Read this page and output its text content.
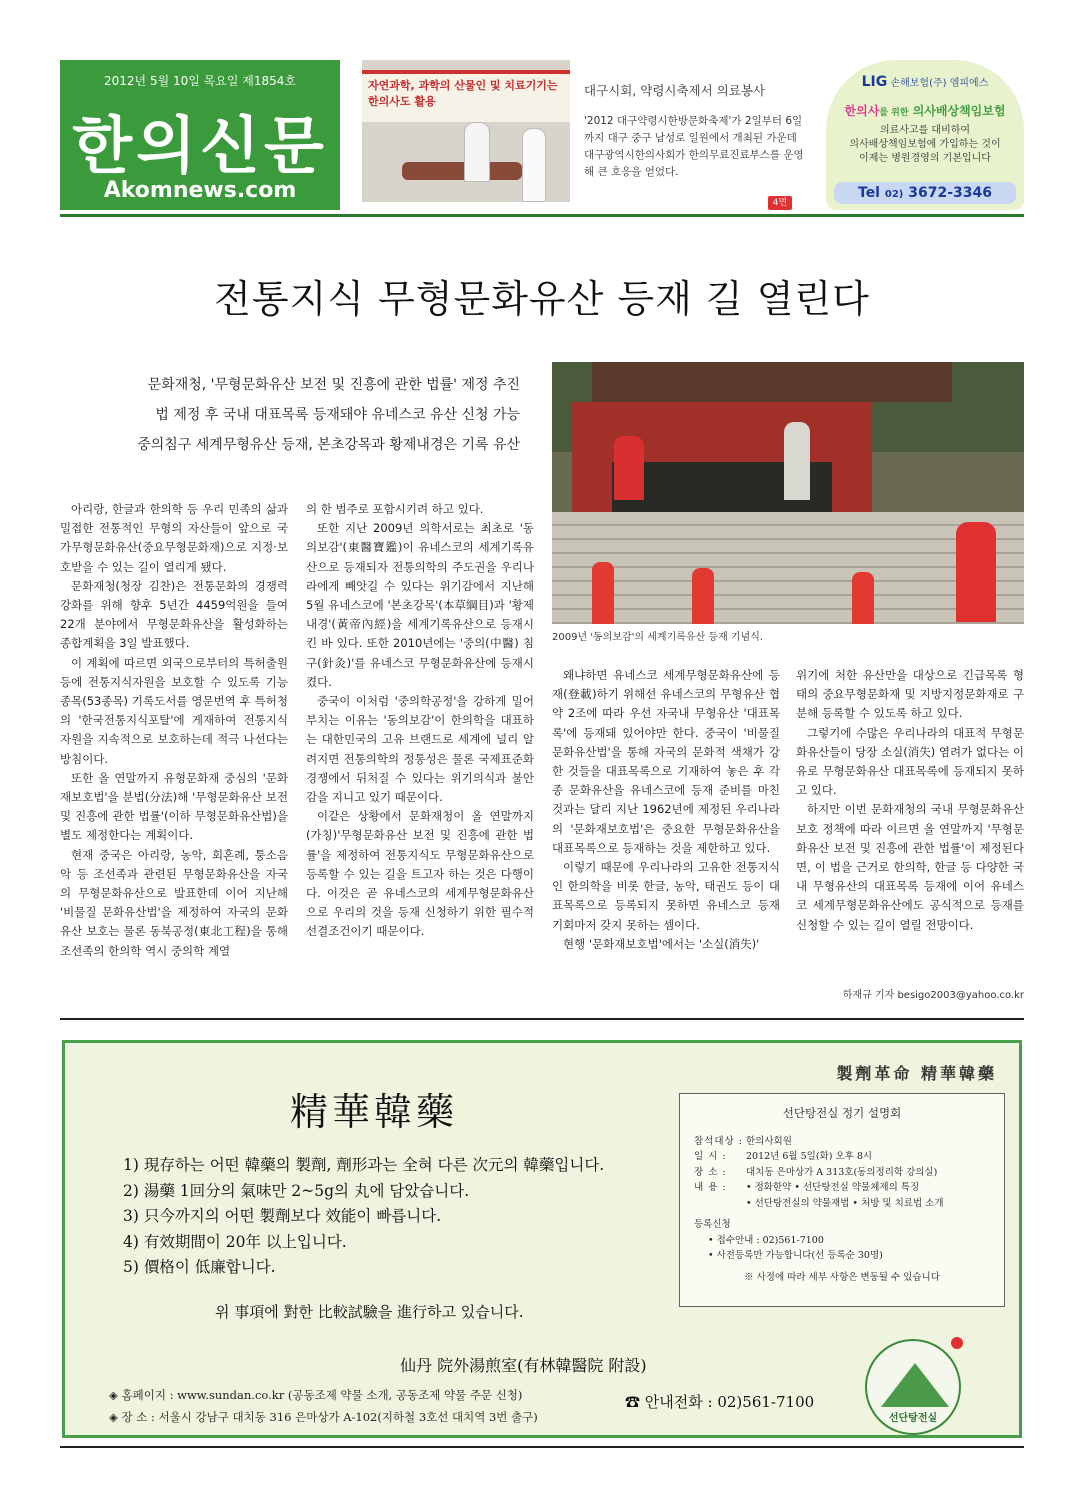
2012년 5월 10일 목요일 제1854호
한의신문
Akomnews.com
자연과학, 과학의 산물인 및 치료기기는 한의사도 활용
대구시회, 약령시축제서 의료봉사
'2012 대구약령시한방문화축제'가 2일부터 6일까지 대구 중구 남성로 일원에서 개최된 가운데 대구광역시한의사회가 한의무료진료부스를 운영해 큰 호응을 얻었다.
4면
LIG 손해보험(주) 엠피에스
한의사를 위한 의사배상책임보험
의료사고를 대비하여
의사배상책임보험에 가입하는 것이
이제는 병원경영의 기본입니다
Tel 02) 3672-3346
전통지식 무형문화유산 등재 길 열린다
문화재청, '무형문화유산 보전 및 진흥에 관한 법률' 제정 추진
법 제정 후 국내 대표목록 등재돼야 유네스코 유산 신청 가능
중의침구 세계무형유산 등재, 본초강목과 황제내경은 기록 유산
2009년 '동의보감'의 세계기록유산 등재 기념식.

아리랑, 한글과 한의학 등 우리 민족의 삶과 밀접한 전통적인 무형의 자산들이 앞으로 국가무형문화유산(중요무형문화재)으로 지정·보호받을 수 있는 길이 열리게 됐다.

문화재청(청장 김찬)은 전통문화의 경쟁력 강화를 위해 향후 5년간 4459억원을 들여 22개 분야에서 무형문화유산을 활성화하는 종합계획을 3일 발표했다.

이 계획에 따르면 외국으로부터의 특허출원 등에 전통지식자원을 보호할 수 있도록 기능종목(53종목) 기록도서를 영문번역 후 특허청의 '한국전통지식포탈'에 게재하여 전통지식자원을 지속적으로 보호하는데 적극 나선다는 방침이다.

또한 올 연말까지 유형문화재 중심의 '문화재보호법'을 분법(分法)해 '무형문화유산 보전 및 진흥에 관한 법률'(이하 무형문화유산법)을 별도 제정한다는 계획이다.

현재 중국은 아리랑, 농악, 회혼례, 퉁소음악 등 조선족과 관련된 무형문화유산을 자국의 무형문화유산으로 발표한데 이어 지난해 '비물질 문화유산법'을 제정하여 자국의 문화유산 보호는 물론 동북공정(東北工程)을 통해 조선족의 한의학 역시 중의학 계열

의 한 범주로 포함시키려 하고 있다.

또한 지난 2009년 의학서로는 최초로 '동의보감'(東醫寶鑑)이 유네스코의 세계기록유산으로 등재되자 전통의학의 주도권을 우리나라에게 빼앗길 수 있다는 위기감에서 지난해 5월 유네스코에 '본초강목'(本草綱目)과 '황제내경'(黃帝內經)을 세계기록유산으로 등재시킨 바 있다. 또한 2010년에는 '중의(中醫) 침구(針灸)'를 유네스코 무형문화유산에 등재시켰다.

중국이 이처럼 '중의학공정'을 강하게 밀어 부치는 이유는 '동의보감'이 한의학을 대표하는 대한민국의 고유 브랜드로 세계에 널리 알려지면 전통의학의 정통성은 물론 국제표준화 경쟁에서 뒤처질 수 있다는 위기의식과 불안감을 지니고 있기 때문이다.

이같은 상황에서 문화재청이 올 연말까지 (가칭)'무형문화유산 보전 및 진흥에 관한 법률'을 제정하여 전통지식도 무형문화유산으로 등록할 수 있는 길을 트고자 하는 것은 다행이다. 이것은 곧 유네스코의 세계무형문화유산으로 우리의 것을 등재 신청하기 위한 필수적 선결조건이기 때문이다.

왜냐하면 유네스코 세계무형문화유산에 등재(登載)하기 위해선 유네스코의 무형유산 협약 2조에 따라 우선 자국내 무형유산 '대표목록'에 등재돼 있어야만 한다. 중국이 '비물질 문화유산법'을 통해 자국의 문화적 색채가 강한 것들을 대표목록으로 기재하여 놓은 후 각종 문화유산을 유네스코에 등재 준비를 마친 것과는 달리 지난 1962년에 제정된 우리나라의 '문화재보호법'은 중요한 무형문화유산을 대표목록으로 등재하는 것을 제한하고 있다.

이렇기 때문에 우리나라의 고유한 전통지식인 한의학을 비롯 한글, 농악, 태권도 등이 대표목록으로 등록되지 못하면 유네스코 등재 기회마저 갖지 못하는 셈이다.

현행 '문화재보호법'에서는 '소실(消失)'

위기에 처한 유산만을 대상으로 긴급목록 형태의 중요무형문화재 및 지방지정문화재로 구분해 등록할 수 있도록 하고 있다.

그렇기에 수많은 우리나라의 대표적 무형문화유산들이 당장 소실(消失) 염려가 없다는 이유로 무형문화유산 대표목록에 등재되지 못하고 있다.

하지만 이번 문화재청의 국내 무형문화유산 보호 정책에 따라 이르면 올 연말까지 '무형문화유산 보전 및 진흥에 관한 법률'이 제정된다면, 이 법을 근거로 한의학, 한글 등 다양한 국내 무형유산의 대표목록 등재에 이어 유네스코 세계무형문화유산에도 공식적으로 등재를 신청할 수 있는 길이 열릴 전망이다.

하재규 기자 besigo2003@yahoo.co.kr
製劑革命 精華韓藥
精華韓藥
1) 現存하는 어떤 韓藥의 製劑, 劑形과는 全혀 다른 次元의 韓藥입니다.
2) 湯藥 1回分의 氣味만 2~5g의 丸에 담았습니다.
3) 只今까지의 어떤 製劑보다 效能이 빠릅니다.
4) 有效期間이 20年 以上입니다.
5) 價格이 低廉합니다.
위 事項에 對한 比較試驗을 進行하고 있습니다.
선단탕전실 정기 설명회
참석대상 : 한의사회원
일 시 :	2012년 6월 5일(화) 오후 8시
장 소 :	대치동 은마상가 A 313호(동의정리학 강의실)
내 용 :	• 정화한약 • 선단탕전실 약물체제의 특징
• 선단탕전실의 약물재법 • 처방 및 치료법 소개
등록신청
• 접수안내 : 02)561-7100
• 사전등록만 가능합니다(선 등록순 30명)
※ 사정에 따라 세부 사항은 변동될 수 있습니다
仙丹 院外湯煎室(有林韓醫院 附設)
◈ 홈페이지 : www.sundan.co.kr (공동조제 약물 소개, 공동조제 약물 주문 신청)
◈ 장 소 : 서울시 강남구 대치동 316 은마상가 A-102(지하철 3호선 대치역 3번 출구)
☎ 안내전화 : 02)561-7100
선단탕전실
